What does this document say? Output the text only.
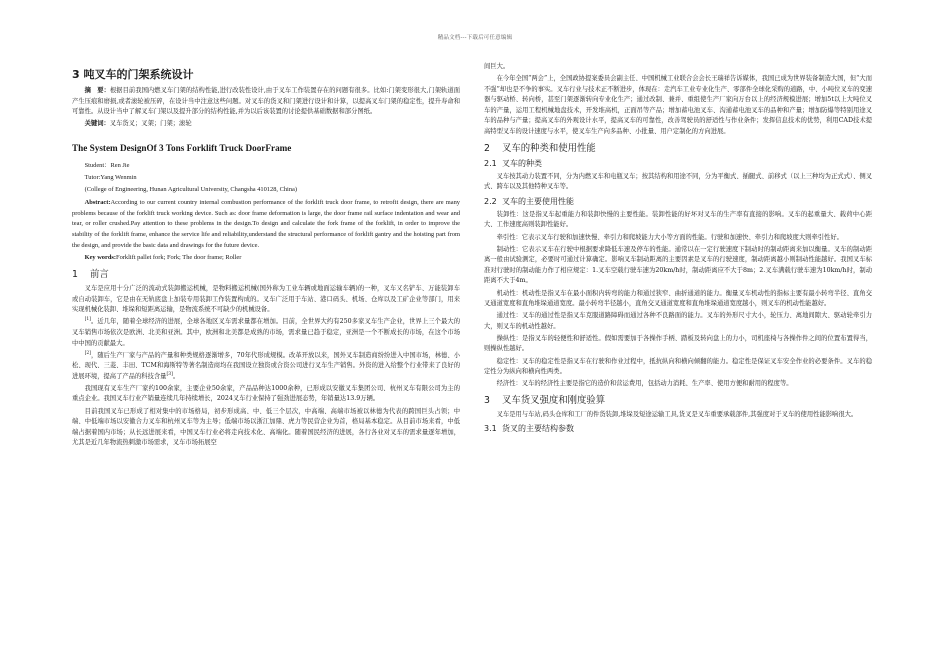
精品文档---下载后可任意编辑
3 吨叉车的门架系统设计

摘　要：根据目前我国内燃叉车门架的结构性能,进行改装性设计,由于叉车工作装置存在的问题有很多。比如:门架变形很大,门架轨道面产生压痕和磨损,或者滚轮被压碎，在设计当中注意这些问题。对叉车的货叉和门架进行设计和计算，以提高叉车门架的稳定性，提升寿命和可靠性。从设计当中了解叉车门架以及提升部分的结构性能,并为以后该装置的讨论提供基础数据和部分图纸。

关键词：叉车货叉；叉架；门架；滚轮

The System DesignOf 3 Tons Forklift Truck DoorFrame

Student：Ren Jie

Tutor:Yang Wenmin

(College of Engineering, Hunan Agricultural University, Changsha 410128, China)

Abstract:According to our current country internal combustion performance of the forklift truck door frame, to retrofit design, there are many problems because of the forklift truck working device. Such as: door frame deformation is large, the door frame rail surface indentation and wear and tear, or roller crushed.Pay attention to these problems in the design.To design and calculate the fork frame of the forklift, in order to improve the stability of the forklift frame, enhance the service life and reliability,understand the structural performance of forklift gantry and the hoisting part from the design, and provide the basic data and drawings for the future device.

Key words:Forklift pallet fork; Fork; The door frame; Roller

1 前言

叉车是应用十分广泛的流动式装卸搬运机械，是物料搬运机械(国外称为工业车辆或地面运输车辆)的一种，叉车又名铲车、万能装卸车或自动装卸车，它是由在无轨底盘上加装专用装卸工作装置构成的。叉车广泛用于车站、港口码头、机场、仓库以及工矿企业等部门，用来实现机械化装卸、堆垛和短距离运输，是物流系统不可缺少的机械设备。

[1]。近几年，随着全球经济的进展，全球各地区叉车需求量都在增加。目前，全世界大约有250多家叉车生产企业，世界上三个最大的叉车销售市场依次是欧洲、北美和亚洲。其中，欧洲和北美都是成熟的市场，需求量已趋于稳定，亚洲是一个不断成长的市场，在这个市场中中国的贡献最大。

[2]，随后生产厂家与产品的产量和种类规格逐渐增多，70年代形成规模。改革开放以来，国外叉车制造商纷纷进入中国市场，林德、小松、现代、三菱、丰田、TCM和海斯特等著名制造商均在我国设立独资或合资公司进行叉车生产销售。外资的进入给整个行业带来了良好的进展环境，提高了产品的科技含量[3]。

我国现有叉车生产厂家约100余家，主要企业50余家，产品品种达1000余种，已形成以安徽叉车集团公司、杭州叉车有限公司为主的重点企业。我国叉车行业产销量连续几年持续增长，2024叉车行业保持了强劲进展态势，年销量达13.9万辆。

目前我国叉车已形成了相对集中的市场格局，初步形成高、中、低三个层次，中高端、高端市场被以林德为代表的跨国巨头占领；中端、中低端市场以安徽合力叉车和杭州叉车等为主导；低端市场以浙江加鼎、虎力等民营企业为首，格局基本稳定。从目前市场来看，中低端占据着国内市场；从长远进展来看，中国叉车行业必将走向技术化、高端化。随着国民经济的进展，各行各业对叉车的需求量逐年增加，尤其是近几年物流热刺激市场需求，叉车市场拓展空

间巨大。

在今年全国“两会”上，全国政协提案委员会副主任、中国机械工业联合会会长王瑞祥告诉媒体，我国已成为世界装备制造大国，但“大而不强”却也是不争的事实。叉车行业与技术正不断进步，体现在：走汽车工业专业化生产、零部件全球化采购的道路，中、小吨位叉车的变速器与驱动桥、转向桥，甚至门架逐渐转向专业化生产；通过改制、兼并、重组使生产厂家向万台以上的经济规模进展；增加5t以上大吨位叉车的产量，运用工程机械地盘技术，开发堆高机，正面吊等产品；增加蓄电池叉车、沟通蓄电池叉车的品种和产量；增加防爆等特别用途叉车的品种与产量；提高叉车的外观设计水平，提高叉车的可靠性，改善驾驶员的舒适性与作业条件；发挥信息技术的优势，利用CAD技术提高特型叉车的设计速度与水平，使叉车生产向多品种、小批量、用户定制化的方向进展。

2 叉车的种类和使用性能
2.1 叉车的种类

叉车按其动力装置不同，分为内燃叉车和电瓶叉车；按其结构和用途不同，分为平衡式、插腿式、前移式（以上三种均为正式式）、侧叉式、跨车以及其他特种叉车等。

2.2 叉车的主要使用性能

装卸性：这是指叉车起重能力和装卸快慢的主要性能。装卸性能的好坏对叉车的生产率有直接的影响。叉车的起重量大、载荷中心距大、工作速度高则装卸性能好。

牵引性：它表示叉车行驶和加速快慢、牵引力和爬坡能力大小等方面的性能。行驶和加速快、牵引力和爬坡度大则牵引性好。

制动性：它表示叉车在行驶中根据要求降低车速及停车的性能。通常以在一定行驶速度下制动时的制动距离来加以衡量。叉车的制动距离一般由试验测定，必要时可通过计算确定。影响叉车制动距离的主要因素是叉车的行驶速度，制动距离越小则制动性能越好。我国叉车标准对行驶时的制动能力作了相应规定：1.叉车空载行驶车速为20km/h时，制动距离应不大于8m；2.叉车满载行驶车速为10km/h时，制动距离不大于4m。

机动性：机动性是指叉车在最小面积内转弯的能力和通过狭窄、曲折通道的能力。衡量叉车机动性的指标主要有最小转弯半径、直角交叉通道宽度和直角堆垛通道宽度。最小转弯半径越小，直角交叉通道宽度和直角堆垛通道宽度越小，则叉车的机动性能越好。

通过性：叉车的通过性是指叉车克服道路障碍而通过各种不良路面的能力。叉车的外形尺寸大小，轮压力、离地间隙大、驱动轮牵引力大，则叉车的机动性越好。

操纵性：是指叉车的轻便性和舒适性。假如需要加于各操作手柄、踏板及转向盘上的力小，司机座椅与各操作件之间的位置布置得当，则操纵性越好。

稳定性：叉车的稳定性是指叉车在行驶和作业过程中，抵抗纵向和横向倾翻的能力。稳定性是保证叉车安全作业的必要条件。叉车的稳定性分为纵向和横向性两类。

经济性：叉车的经济性主要是指它的造价和营运费用，包括动力消耗、生产率、使用方便和耐用的程度等。

3 叉车货叉强度和刚度验算

叉车是用与车站,码头仓库和工厂的件货装卸,堆垛及短途运输工具,货叉是叉车重要承载部件,其强度对于叉车的使用性能影响很大。

3.1 货叉的主要结构参数
